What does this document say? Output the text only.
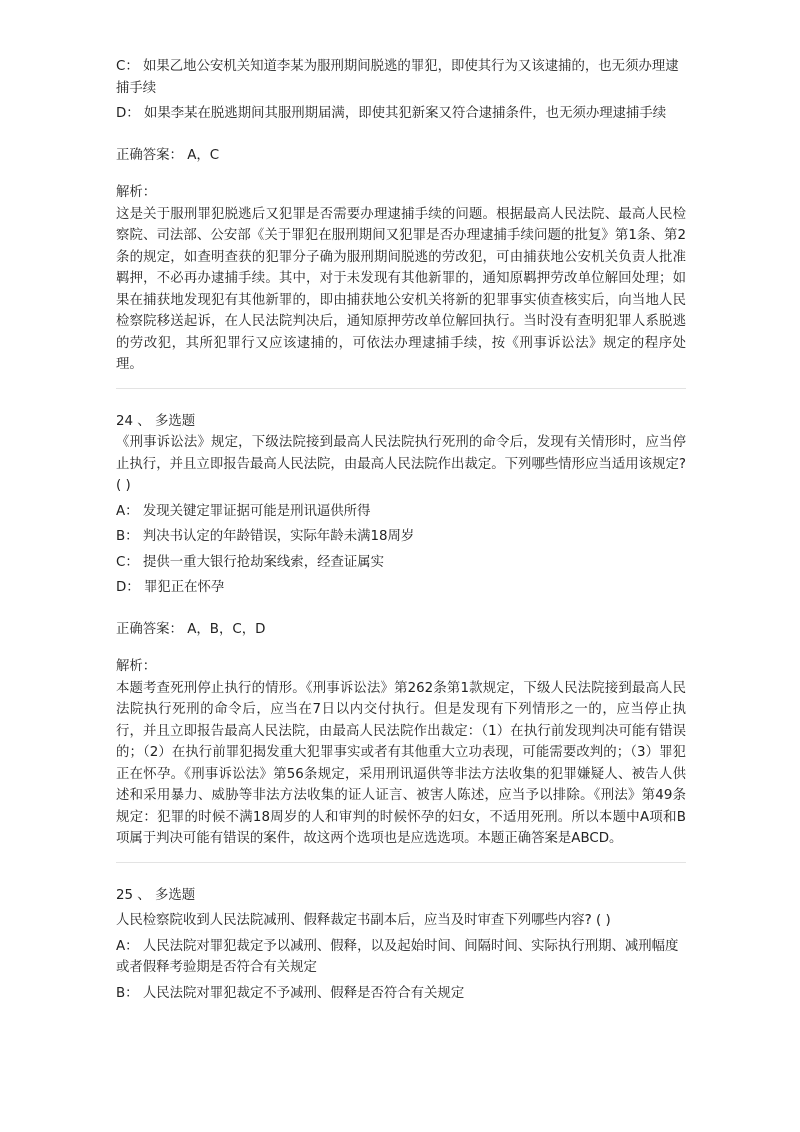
C： 如果乙地公安机关知道李某为服刑期间脱逃的罪犯，即使其行为又该逮捕的，也无须办理逮捕手续

D： 如果李某在脱逃期间其服刑期届满，即使其犯新案又符合逮捕条件，也无须办理逮捕手续

正确答案： A，C

解析：

这是关于服刑罪犯脱逃后又犯罪是否需要办理逮捕手续的问题。根据最高人民法院、最高人民检察院、司法部、公安部《关于罪犯在服刑期间又犯罪是否办理逮捕手续问题的批复》第1条、第2条的规定，如查明查获的犯罪分子确为服刑期间脱逃的劳改犯，可由捕获地公安机关负责人批准羁押，不必再办逮捕手续。其中，对于未发现有其他新罪的，通知原羁押劳改单位解回处理；如果在捕获地发现犯有其他新罪的，即由捕获地公安机关将新的犯罪事实侦查核实后，向当地人民检察院移送起诉，在人民法院判决后，通知原押劳改单位解回执行。当时没有查明犯罪人系脱逃的劳改犯，其所犯罪行又应该逮捕的，可依法办理逮捕手续，按《刑事诉讼法》规定的程序处理。

24 、 多选题

《刑事诉讼法》规定，下级法院接到最高人民法院执行死刑的命令后，发现有关情形时，应当停止执行，并且立即报告最高人民法院，由最高人民法院作出裁定。下列哪些情形应当适用该规定? ( )

A： 发现关键定罪证据可能是刑讯逼供所得

B： 判决书认定的年龄错误，实际年龄未满18周岁

C： 提供一重大银行抢劫案线索，经查证属实

D： 罪犯正在怀孕

正确答案： A，B，C，D

解析：

本题考查死刑停止执行的情形。《刑事诉讼法》第262条第1款规定，下级人民法院接到最高人民法院执行死刑的命令后，应当在7日以内交付执行。但是发现有下列情形之一的，应当停止执行，并且立即报告最高人民法院，由最高人民法院作出裁定：（1）在执行前发现判决可能有错误的；（2）在执行前罪犯揭发重大犯罪事实或者有其他重大立功表现，可能需要改判的；（3）罪犯正在怀孕。《刑事诉讼法》第56条规定，采用刑讯逼供等非法方法收集的犯罪嫌疑人、被告人供述和采用暴力、威胁等非法方法收集的证人证言、被害人陈述，应当予以排除。《刑法》第49条规定：犯罪的时候不满18周岁的人和审判的时候怀孕的妇女，不适用死刑。所以本题中A项和B项属于判决可能有错误的案件，故这两个选项也是应选选项。本题正确答案是ABCD。

25 、 多选题

人民检察院收到人民法院减刑、假释裁定书副本后，应当及时审查下列哪些内容? ( )

A： 人民法院对罪犯裁定予以减刑、假释，以及起始时间、间隔时间、实际执行刑期、减刑幅度或者假释考验期是否符合有关规定

B： 人民法院对罪犯裁定不予减刑、假释是否符合有关规定
